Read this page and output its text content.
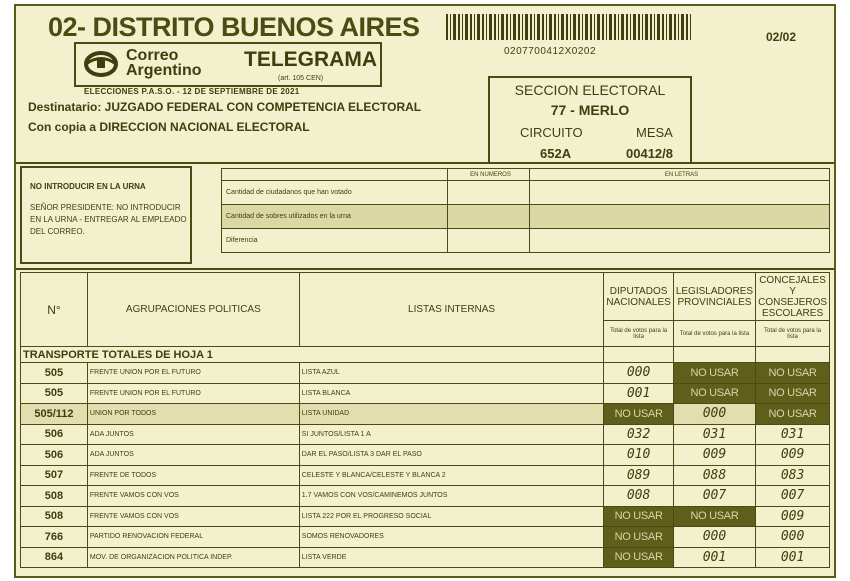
02- DISTRITO BUENOS AIRES
0207700412X0202
02/02
Correo
Argentino TELEGRAMA
(art. 105 CEN)
ELECCIONES P.A.S.O. - 12 DE SEPTIEMBRE DE 2021
Destinatario: JUZGADO FEDERAL CON COMPETENCIA ELECTORAL
Con copia a DIRECCION NACIONAL ELECTORAL
SECCION ELECTORAL
77 - MERLO
CIRCUITO	MESA
652A	00412/8
NO INTRODUCIR EN LA URNA
SEÑOR PRESIDENTE: NO INTRODUCIR EN LA URNA - ENTREGAR AL EMPLEADO DEL CORREO.
	EN NUMEROS	EN LETRAS
Cantidad de ciudadanos que han votado		
Cantidad de sobres utilizados en la urna		
Diferencia		
N°	AGRUPACIONES POLITICAS	LISTAS INTERNAS	DIPUTADOS NACIONALES	LEGISLADORES PROVINCIALES	CONCEJALES Y CONSEJEROS ESCOLARES
			Total de votos para la lista	Total de votos para la lista	Total de votos para la lista
TRANSPORTE TOTALES DE HOJA 1					
505	FRENTE UNION POR EL FUTURO	LISTA AZUL	000	NO USAR	NO USAR
505	FRENTE UNION POR EL FUTURO	LISTA BLANCA	001	NO USAR	NO USAR
505/112	UNION POR TODOS	LISTA UNIDAD	NO USAR	000	NO USAR
506	ADA JUNTOS	SI JUNTOS/LISTA 1 A	032	031	031
506	ADA JUNTOS	DAR EL PASO/LISTA 3 DAR EL PASO	010	009	009
507	FRENTE DE TODOS	CELESTE Y BLANCA/CELESTE Y BLANCA 2	089	088	083
508	FRENTE VAMOS CON VOS	1.7 VAMOS CON VOS/CAMINEMOS JUNTOS	008	007	007
508	FRENTE VAMOS CON VOS	LISTA 222 POR EL PROGRESO SOCIAL	NO USAR	NO USAR	009
766	PARTIDO RENOVACION FEDERAL	SOMOS RENOVADORES	NO USAR	000	000
864	MOV. DE ORGANIZACION POLITICA INDEP.	LISTA VERDE	NO USAR	001	001
